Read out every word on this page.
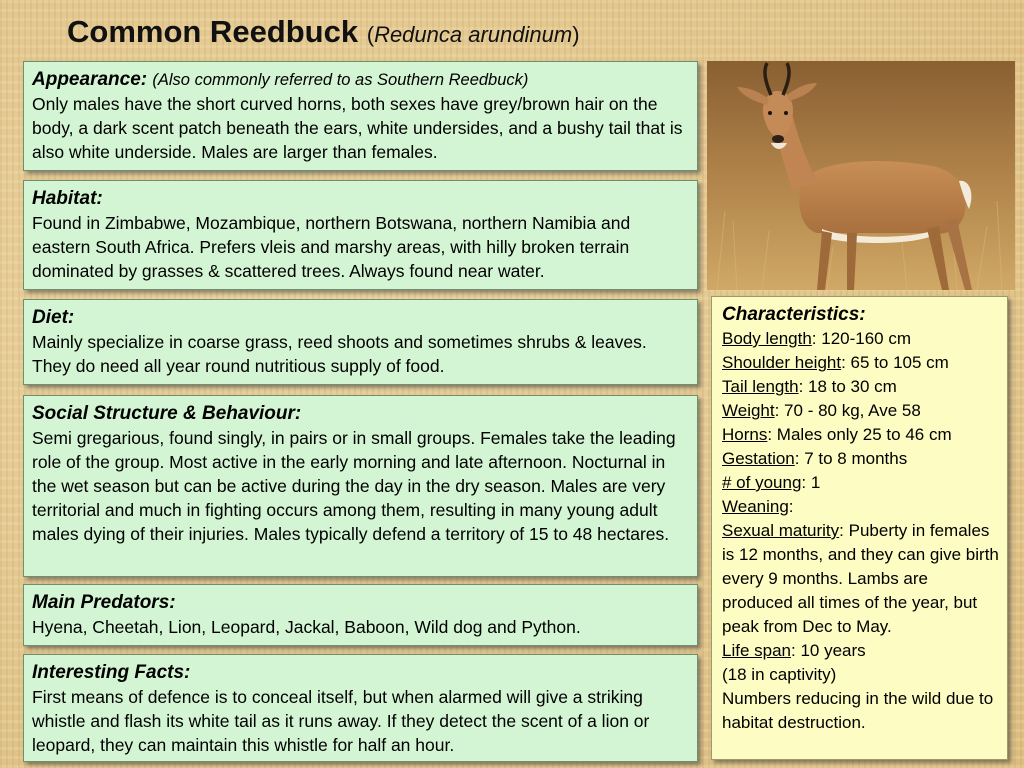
Common Reedbuck (Redunca arundinum)
Appearance: (Also commonly referred to as Southern Reedbuck)

Only males have the short curved horns, both sexes have grey/brown hair on the body, a dark scent patch beneath the ears, white undersides, and a bushy tail that is also white underside. Males are larger than females.

Habitat:

Found in Zimbabwe, Mozambique, northern Botswana, northern Namibia and eastern South Africa. Prefers vleis and marshy areas, with hilly broken terrain dominated by grasses & scattered trees. Always found near water.

Diet:

Mainly specialize in coarse grass, reed shoots and sometimes shrubs & leaves. They do need all year round nutritious supply of food.

Social Structure & Behaviour:

Semi gregarious, found singly, in pairs or in small groups. Females take the leading role of the group. Most active in the early morning and late afternoon. Nocturnal in the wet season but can be active during the day in the dry season. Males are very territorial and much in fighting occurs among them, resulting in many young adult males dying of their injuries. Males typically defend a territory of 15 to 48 hectares.

Main Predators:

Hyena, Cheetah, Lion, Leopard, Jackal, Baboon, Wild dog and Python.

Interesting Facts:

First means of defence is to conceal itself, but when alarmed will give a striking whistle and flash its white tail as it runs away. If they detect the scent of a lion or leopard, they can maintain this whistle for half an hour.

Characteristics:
Body length: 120-160 cm
Shoulder height: 65 to 105 cm
Tail length: 18 to 30 cm
Weight: 70 - 80 kg, Ave 58
Horns: Males only 25 to 46 cm
Gestation: 7 to 8 months
# of young: 1
Weaning:
Sexual maturity: Puberty in females is 12 months, and they can give birth every 9 months. Lambs are produced all times of the year, but peak from Dec to May.
Life span: 10 years
(18 in captivity)
Numbers reducing in the wild due to habitat destruction.
